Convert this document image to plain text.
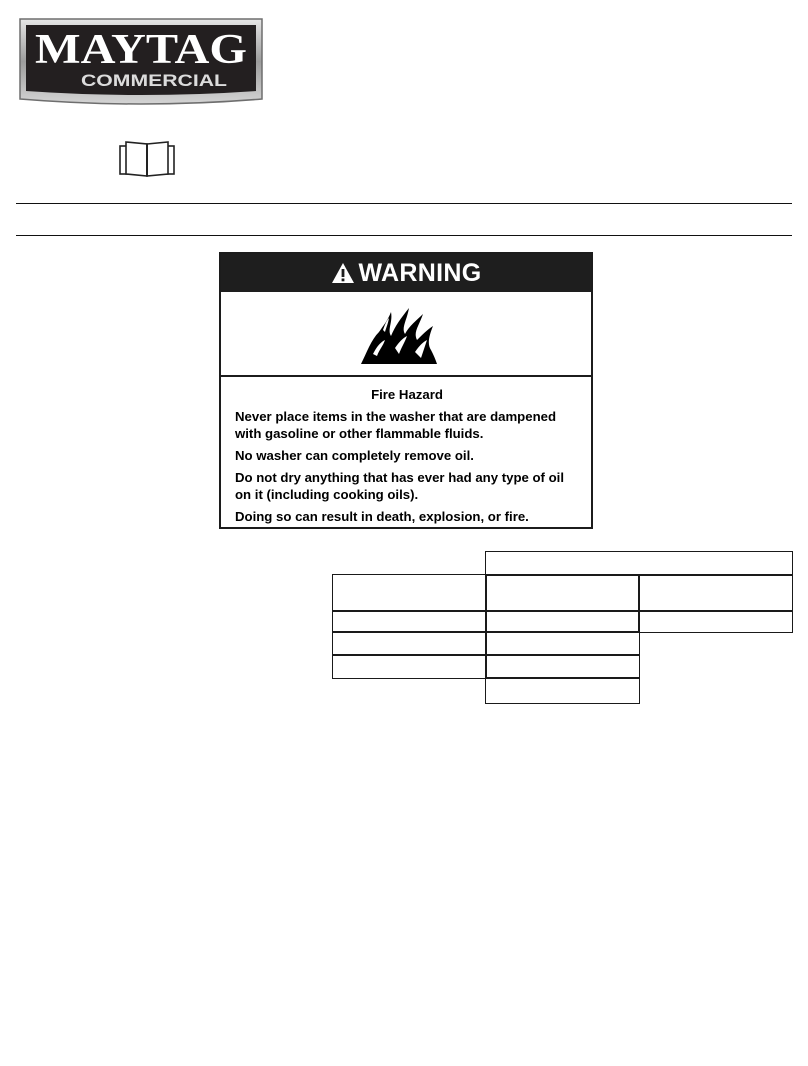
MAYTAG
COMMERCIAL
WARNING

Fire Hazard

Never place items in the washer that are dampened with gasoline or other flammable fluids.

No washer can completely remove oil.

Do not dry anything that has ever had any type of oil on it (including cooking oils).

Doing so can result in death, explosion, or fire.
